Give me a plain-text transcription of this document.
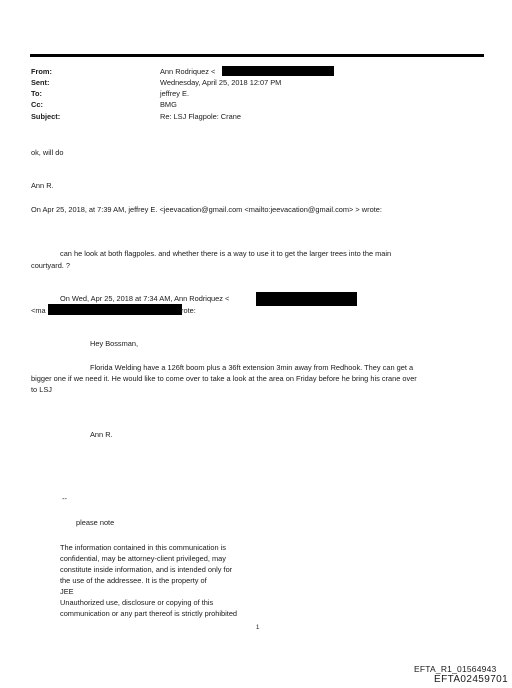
From:
Sent:
To:
Cc:
Subject:
Ann Rodriquez <
Wednesday, April 25, 2018 12:07 PM
jeffrey E.
BMG
Re: LSJ Flagpole: Crane
ok, will do
Ann R.
On Apr 25, 2018, at 7:39 AM, jeffrey E. <jeevacation@gmail.com <mailto:jeevacation@gmail.com> > wrote:
can he look at both flagpoles. and whether there is a way to use it to get the larger trees into the main
courtyard. ?
On Wed, Apr 25, 2018 at 7:34 AM, Ann Rodriquez <
<ma	rote:
Hey Bossman,
Florida Welding have a 126ft boom plus a 36ft extension 3min away from Redhook. They can get a
bigger one if we need it. He would like to come over to take a look at the area on Friday before he bring his crane over
to LSJ
Ann R.
--
please note
The information contained in this communication is
confidential, may be attorney-client privileged, may
constitute inside information, and is intended only for
the use of the addressee. It is the property of
JEE
Unauthorized use, disclosure or copying of this
communication or any part thereof is strictly prohibited
1
EFTA_R1_01564943
EFTA02459701
